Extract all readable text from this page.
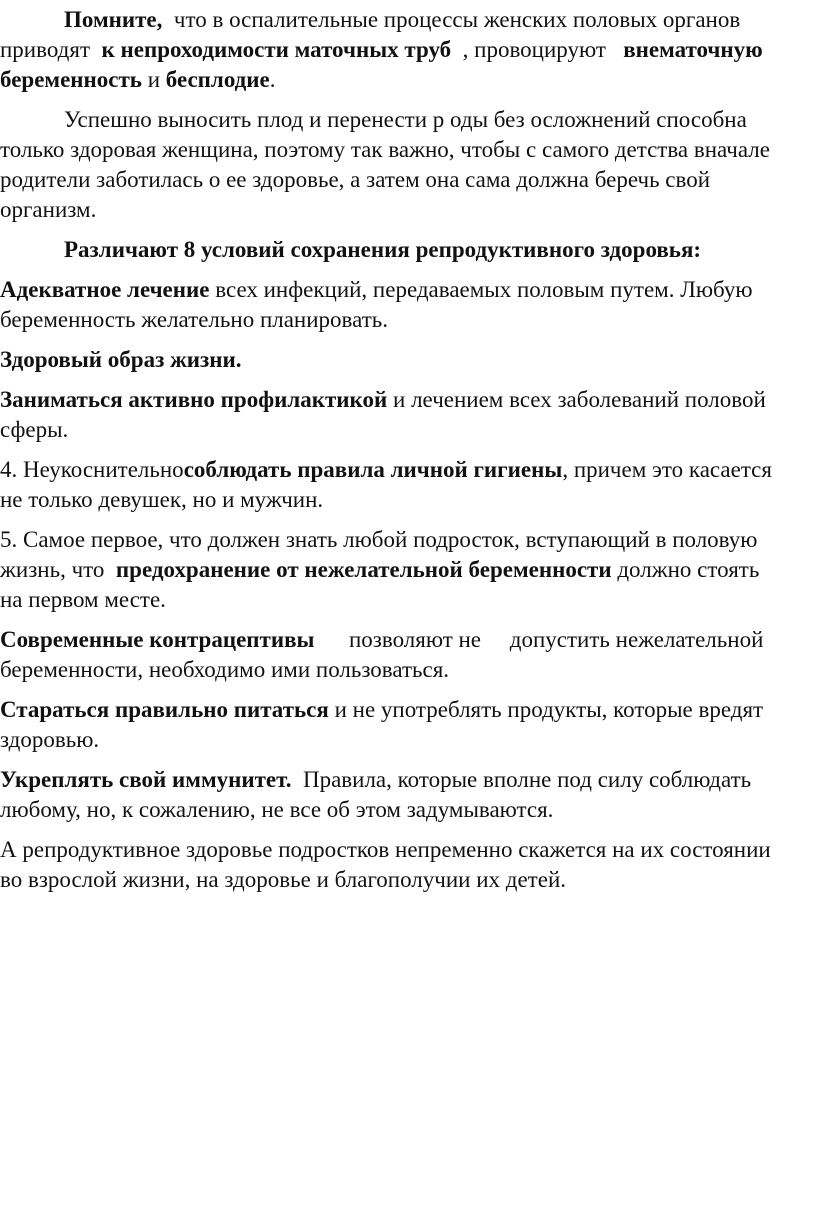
Помните, что в оспалительные процессы женских половых органов
приводят к непроходимости маточных труб , провоцируют внематочную
беременность и бесплодие.
Успешно выносить плод и перенести р оды без осложнений способна
только здоровая женщина, поэтому так важно, чтобы с самого детства вначале
родители заботилась о ее здоровье, а затем она сама должна беречь свой
организм.
Различают 8 условий сохранения репродуктивного здоровья:
Адекватное лечение всех инфекций, передаваемых половым путем. Любую
беременность желательно планировать.
Здоровый образ жизни.
Заниматься активно профилактикой и лечением всех заболеваний половой
сферы.
4. Неукоснительнособлюдать правила личной гигиены, причем это касается
не только девушек, но и мужчин.
5. Самое первое, что должен знать любой подросток, вступающий в половую
жизнь, что предохранение от нежелательной беременности должно стоять
на первом месте.
Современные контрацептивы позволяют не     допустить нежелательной
беременности, необходимо ими пользоваться.
Стараться правильно питаться и не употреблять продукты, которые вредят
здоровью.
Укреплять свой иммунитет. Правила, которые вполне под силу соблюдать
любому, но, к сожалению, не все об этом задумываются.
А репродуктивное здоровье подростков непременно скажется на их состоянии
во взрослой жизни, на здоровье и благополучии их детей.
